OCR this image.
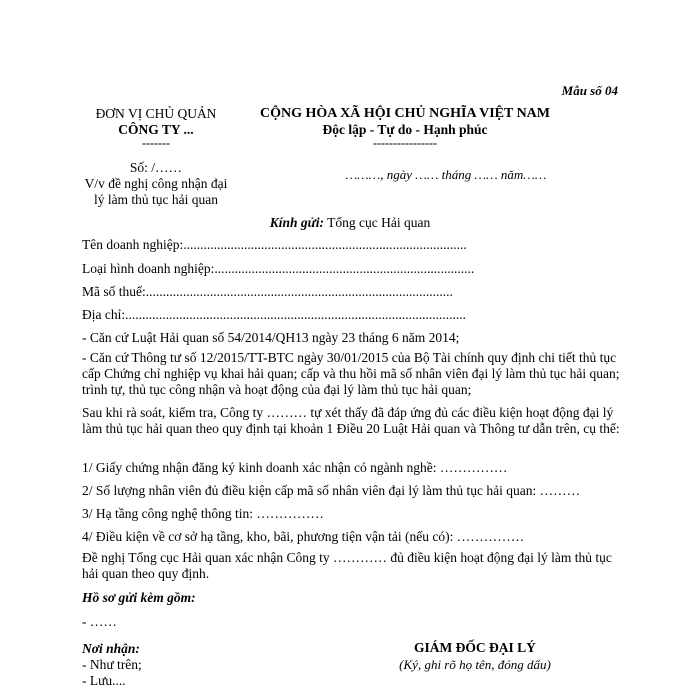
Mẫu số 04
ĐƠN VỊ CHỦ QUẢN
CÔNG TY ...
-------
Số: /……
V/v đề nghị công nhận đại
lý làm thủ tục hải quan
CỘNG HÒA XÃ HỘI CHỦ NGHĨA VIỆT NAM
Độc lập - Tự do - Hạnh phúc
----------------
………, ngày …… tháng …… năm……
Kính gửi: Tổng cục Hải quan
Tên doanh nghiệp:....................................................................................
Loại hình doanh nghiệp:.............................................................................
Mã số thuế:...........................................................................................
Địa chỉ:.....................................................................................................
- Căn cứ Luật Hải quan số 54/2014/QH13 ngày 23 tháng 6 năm 2014;

- Căn cứ Thông tư số 12/2015/TT-BTC ngày 30/01/2015 của Bộ Tài chính quy định chi tiết thủ tục cấp Chứng chỉ nghiệp vụ khai hải quan; cấp và thu hồi mã số nhân viên đại lý làm thủ tục hải quan; trình tự, thủ tục công nhận và hoạt động của đại lý làm thủ tục hải quan;

Sau khi rà soát, kiểm tra, Công ty ……… tự xét thấy đã đáp ứng đủ các điều kiện hoạt động đại lý làm thủ tục hải quan theo quy định tại khoản 1 Điều 20 Luật Hải quan và Thông tư dẫn trên, cụ thể:

1/ Giấy chứng nhận đăng ký kinh doanh xác nhận có ngành nghề: ……………
2/ Số lượng nhân viên đủ điều kiện cấp mã số nhân viên đại lý làm thủ tục hải quan: ………
3/ Hạ tầng công nghệ thông tin: ……………
4/ Điều kiện về cơ sở hạ tầng, kho, bãi, phương tiện vận tải (nếu có): ……………

Đề nghị Tổng cục Hải quan xác nhận Công ty ………… đủ điều kiện hoạt động đại lý làm thủ tục hải quan theo quy định.

Hồ sơ gửi kèm gồm:
- ……
Nơi nhận:
- Như trên;
- Lưu....
GIÁM ĐỐC ĐẠI LÝ
(Ký, ghi rõ họ tên, đóng dấu)
